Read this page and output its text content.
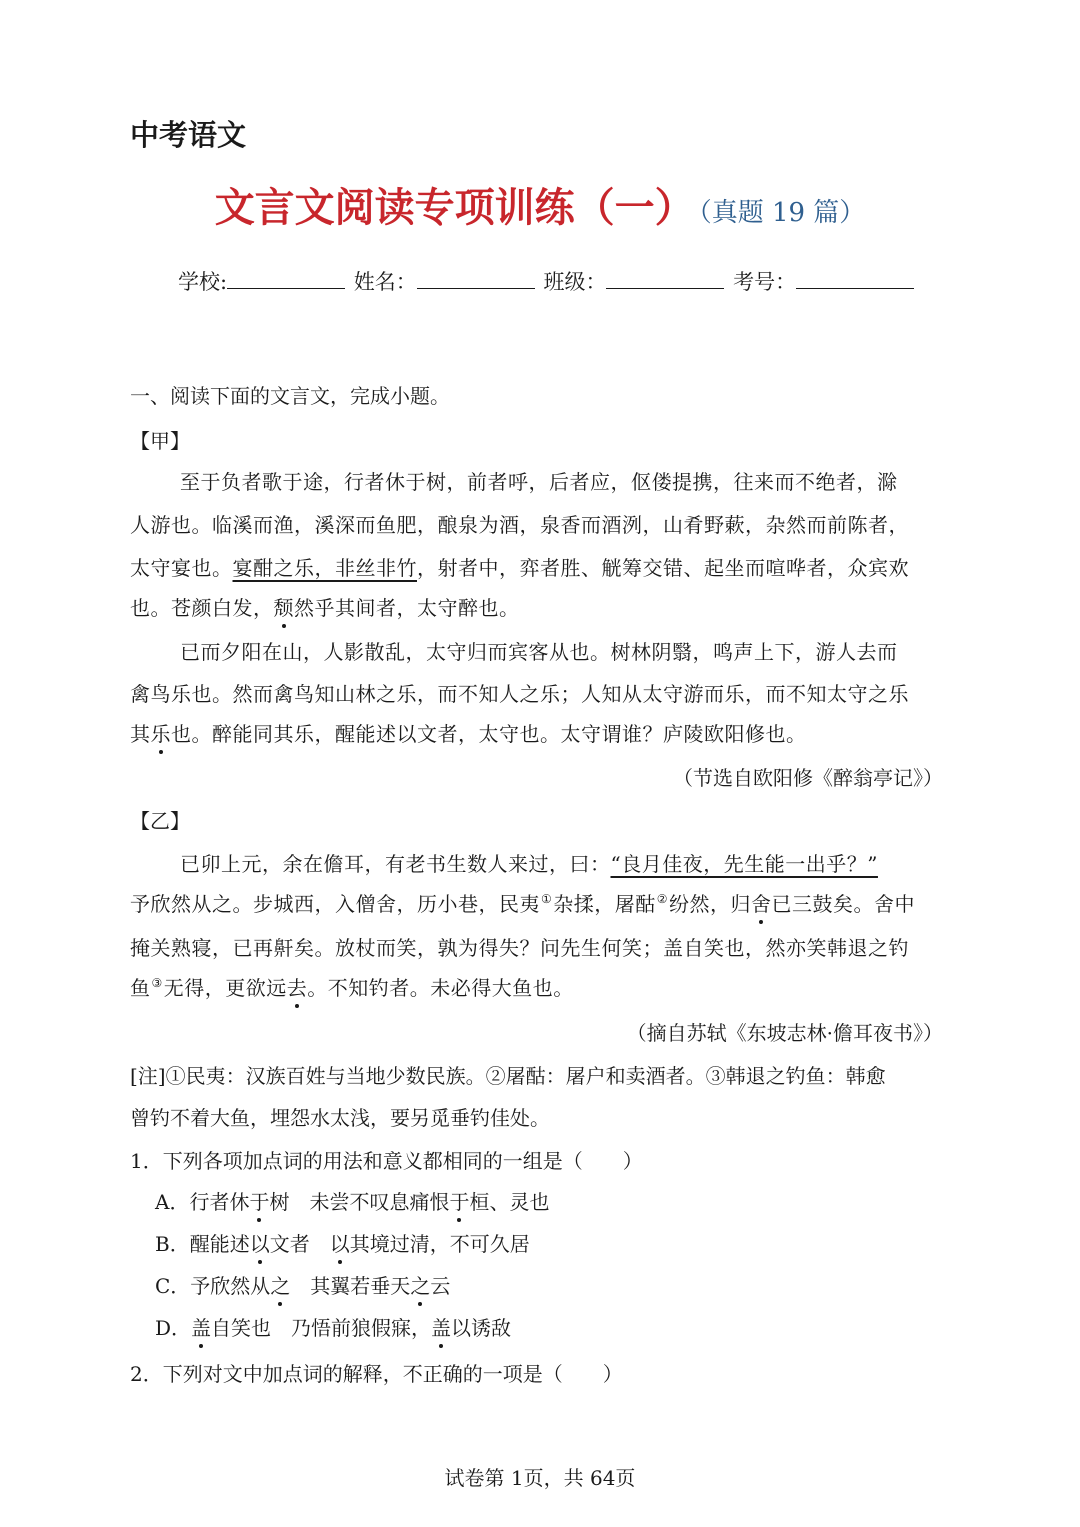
中考语文
文言文阅读专项训练（一） （真题 19 篇）
学校:	姓名：	班级：	考号：
一、阅读下面的文言文，完成小题。
【甲】
至于负者歌于途，行者休于树，前者呼，后者应，伛偻提携，往来而不绝者，滁
人游也。临溪而渔，溪深而鱼肥，酿泉为酒，泉香而酒洌，山肴野蔌，杂然而前陈者，
太守宴也。宴酣之乐，非丝非竹，射者中，弈者胜、觥筹交错、起坐而喧哗者，众宾欢
也。苍颜白发，颓然乎其间者，太守醉也。
已而夕阳在山，人影散乱，太守归而宾客从也。树林阴翳，鸣声上下，游人去而
禽鸟乐也。然而禽鸟知山林之乐，而不知人之乐；人知从太守游而乐，而不知太守之乐
其乐也。醉能同其乐，醒能述以文者，太守也。太守谓谁？庐陵欧阳修也。
（节选自欧阳修《醉翁亭记》）
【乙】
已卯上元，余在儋耳，有老书生数人来过，曰：“良月佳夜，先生能一出乎？”
予欣然从之。步城西，入僧舍，历小巷，民夷①杂揉，屠酤②纷然，归舍已三鼓矣。舍中
掩关熟寝，已再鼾矣。放杖而笑，孰为得失？问先生何笑；盖自笑也，然亦笑韩退之钓
鱼③无得，更欲远去。不知钓者。未必得大鱼也。
（摘自苏轼《东坡志林·儋耳夜书》）
[注]①民夷：汉族百姓与当地少数民族。②屠酤：屠户和卖酒者。③韩退之钓鱼：韩愈
曾钓不着大鱼，埋怨水太浅，要另觅垂钓佳处。
1．下列各项加点词的用法和意义都相同的一组是（　　）
A．行者休于树　未尝不叹息痛恨于桓、灵也
B．醒能述以文者　以其境过清，不可久居
C．予欣然从之　其翼若垂天之云
D．盖自笑也　乃悟前狼假寐，盖以诱敌
2．下列对文中加点词的解释，不正确的一项是（　　）
试卷第 1页，共 64页
